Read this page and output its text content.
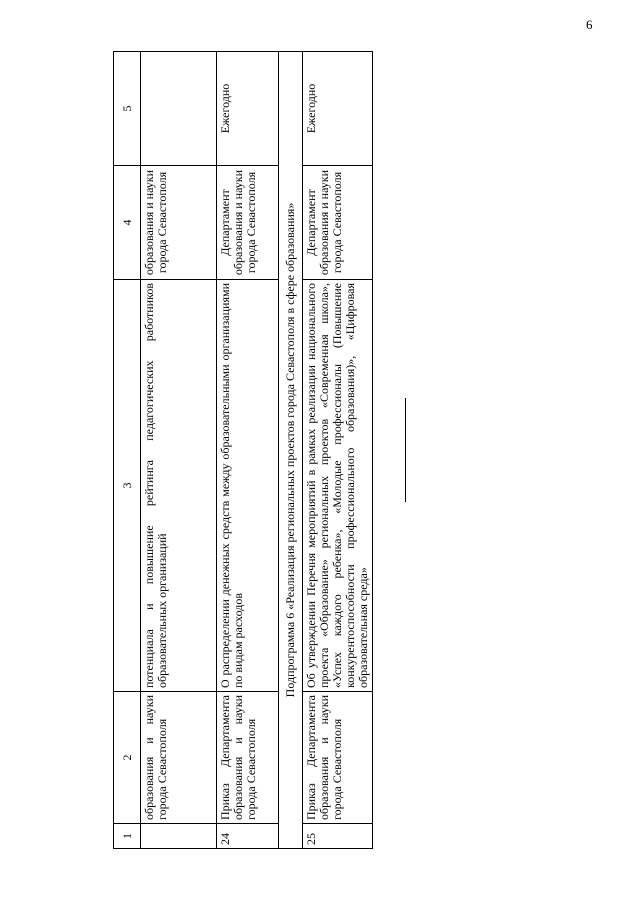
6
1	2	3	4	5
	образования и науки города Севастополя	потенциала и повышение рейтинга педагогических работников образовательных организаций	образования и науки города Севастополя	
24	Приказ Департамента образования и науки города Севастополя	О распределении денежных средств между образовательными организациями по видам расходов	Департамент образования и науки города Севастополя	Ежегодно
Подпрограмма 6 «Реализация региональных проектов города Севастополя в сфере образования»				
25	Приказ Департамента образования и науки города Севастополя	Об утверждении Перечня мероприятий в рамках реализации национального проекта «Образование» региональных проектов «Современная школа», «Успех каждого ребенка», «Молодые профессионалы (Повышение конкурентоспособности профессионального образования)», «Цифровая образовательная среда»	Департамент образования и науки города Севастополя	Ежегодно
